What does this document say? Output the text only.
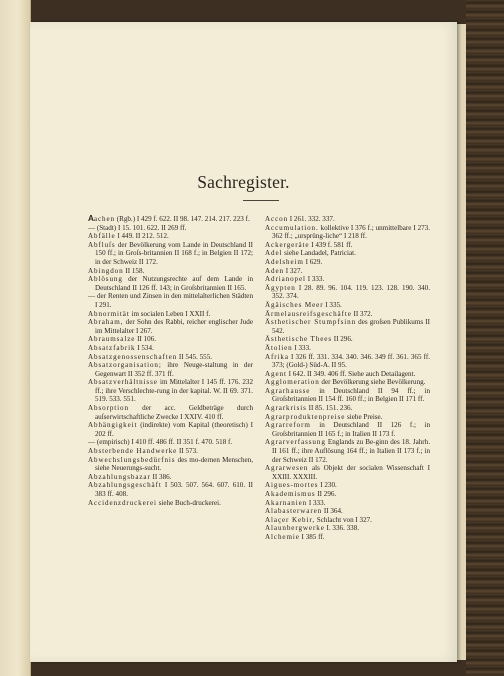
Sachregister.

Aachen (Rgb.) I 429 f. 622. II 98. 147. 214. 217. 223 f.

— (Stadt) I 15. 101. 622. II 269 ff.

Abfälle I 449. II 212. 512.

Abfluſs der Bevölkerung vom Lande in Deutschland II 150 ff.; in Groſs-britannien II 168 f.; in Belgien II 172; in der Schweiz II 172.

Abingdon II 158.

Ablösung der Nutzungsrechte auf dem Lande in Deutschland II 126 ff. 143; in Groſsbritannien II 165.

— der Renten und Zinsen in den mittelalterlichen Städten I 291.

Abnormität im socialen Leben I XXII f.

Abraham, der Sohn des Rabbi, reicher englischer Jude im Mittelalter I 267.

Abraumsalze II 106.

Absatzfabrik I 534.

Absatzgenossenschaften II 545. 555.

Absatzorganisation; ihre Neuge-staltung in der Gegenwart II 352 ff. 371 ff.

Absatzverhältnisse im Mittelalter I 145 ff. 176. 232 ff.; ihre Verschlechte-rung in der kapital. W. II 69. 371. 519. 533. 551.

Absorption der acc. Geldbeträge durch auſserwirtschaftliche Zwecke I XXIV. 410 ff.

Abhängigkeit (indirekte) vom Kapital (theoretisch) I 202 ff.

— (empirisch) I 410 ff. 486 ff. II 351 f. 470. 518 f.

Absterbende Handwerke II 573.

Abwechslungsbedürfnis des mo-dernen Menschen, siehe Neuerungs-sucht.

Abzahlungsbazar II 386.

Abzahlungsgeschäft I 503. 507. 564. 607. 610. II 383 ff. 408.

Accidenzdruckerei siehe Buch-druckerei.

Accon I 261. 332. 337.

Accumulation. kollektive I 376 f.; unmittelbare I 273. 362 ff.; „ursprüng-liche“ I 218 ff.

Ackergeräte I 439 f. 581 ff.

Adel siehe Landadel, Patriciat.

Adelsheim I 629.

Aden I 327.

Adrianopel I 333.

Ägypten I 28. 89. 96. 104. 119. 123. 128. 190. 340. 352. 374.

Ägäisches Meer I 335.

Ärmelausreifsgeschäfte II 372.

Ästhetischer Stumpfsinn des groſsen Publikums II 542.

Ästhetische Thees II 296.

Ätolien I 333.

Afrika I 326 ff. 331. 334. 340. 346. 349 ff. 361. 365 ff. 373; (Gold-) Süd-A. II 95.

Agent I 642. II 349. 406 ff. Siehe auch Detailagent.

Agglomeration der Bevölkerung siehe Bevölkerung.

Agrarhausse in Deutschland II 94 ff.; in Groſsbritannien II 154 ff. 160 ff.; in Belgien II 171 ff.

Agrarkrisis II 85. 151. 236.

Agrarproduktenpreise siehe Preise.

Agrarreform in Deutschland II 126 f.; in Groſsbritannien II 165 f.; in Italien II 173 f.

Agrarverfassung Englands zu Be-ginn des 18. Jahrh. II 161 ff.; ihre Auflösung 164 ff.; in Italien II 173 f.; in der Schweiz II 172.

Agrarwesen als Objekt der socialen Wissenschaft I XXIII. XXXIII.

Aigues-mortes I 230.

Akademismus II 296.

Akarnanien I 333.

Alabasterwaren II 364.

Alaçer Kebir, Schlacht von I 327.

Alaunbergwerke I. 336. 338.

Alchemie I 385 ff.
